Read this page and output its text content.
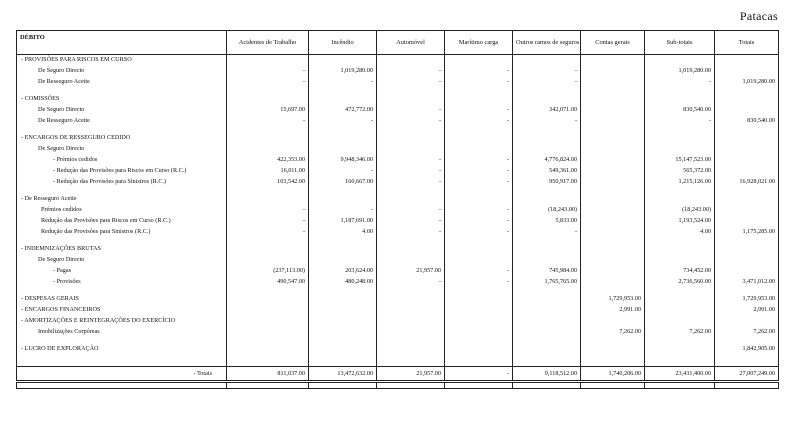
Patacas
DÉBITO	Acidentes de Trabalho	Incêndio	Automóvel	Marítimo carga	Outros ramos de seguros	Contas gerais	Sub-totais	Totais
- PROVISÕES PARA RISCOS EM CURSO								
De Seguro Directo	-	1,019,280.00	-	-	-		1,019,280.00	
De Resseguro Aceite	-	-	-	-	-		-	1,019,280.00

- COMISSÕES								
De Seguro Directo	15,697.00	472,772.00	-	-	342,071.00		830,540.00	
De Resseguro Aceite	-	-	-	-	-		-	830,540.00

- ENCARGOS DE RESSEGURO CEDIDO								
De Seguro Directo								
- Prémios cedidos	422,353.00	9,948,346.00	-	-	4,776,824.00		15,147,523.00	
- Redução das Provisões para Riscos em Curso (R.C.)	16,011.00	-	-	-	549,361.00		565,372.00	
- Redução das Provisões para Sinistros (R.C.)	103,542.00	160,667.00	-	-	950,917.00		1,215,126.00	16,928,021.00

- De Resseguro Aceite								
Prémios cedidos	-	-	-	-	(18,243.00)		(18,243.00)	
Redução das Provisões para Riscos em Curso (R.C.)	-	1,187,691.00	-	-	5,833.00		1,193,524.00	
Redução das Provisões para Sinistros (R.C.)	-	4.00	-	-	-		4.00	1,175,285.00

- INDEMNIZAÇÕES BRUTAS								
De Seguro Directo								
- Pagas	(237,113.00)	203,624.00	21,957.00	-	745,984.00		734,452.00	
- Provisões	490,547.00	480,248.00	-	-	1,765,765.00		2,736,560.00	3,471,012.00

- DESPESAS GERAIS						1,729,953.00		1,729,953.00
- ENCARGOS FINANCEIROS						2,991.00		2,991.00
- AMORTIZAÇÕES E REINTEGRAÇÕES DO EXERCÍCIO								
Imobilizações Corpóreas						7,262.00	7,262.00	7,262.00

- LUCRO DE EXPLORAÇÃO								1,842,905.00

- Totais	811,037.00	13,472,632.00	21,957.00	-	9,118,512.00	1,740,206.00	23,431,400.00	27,007,249.00
